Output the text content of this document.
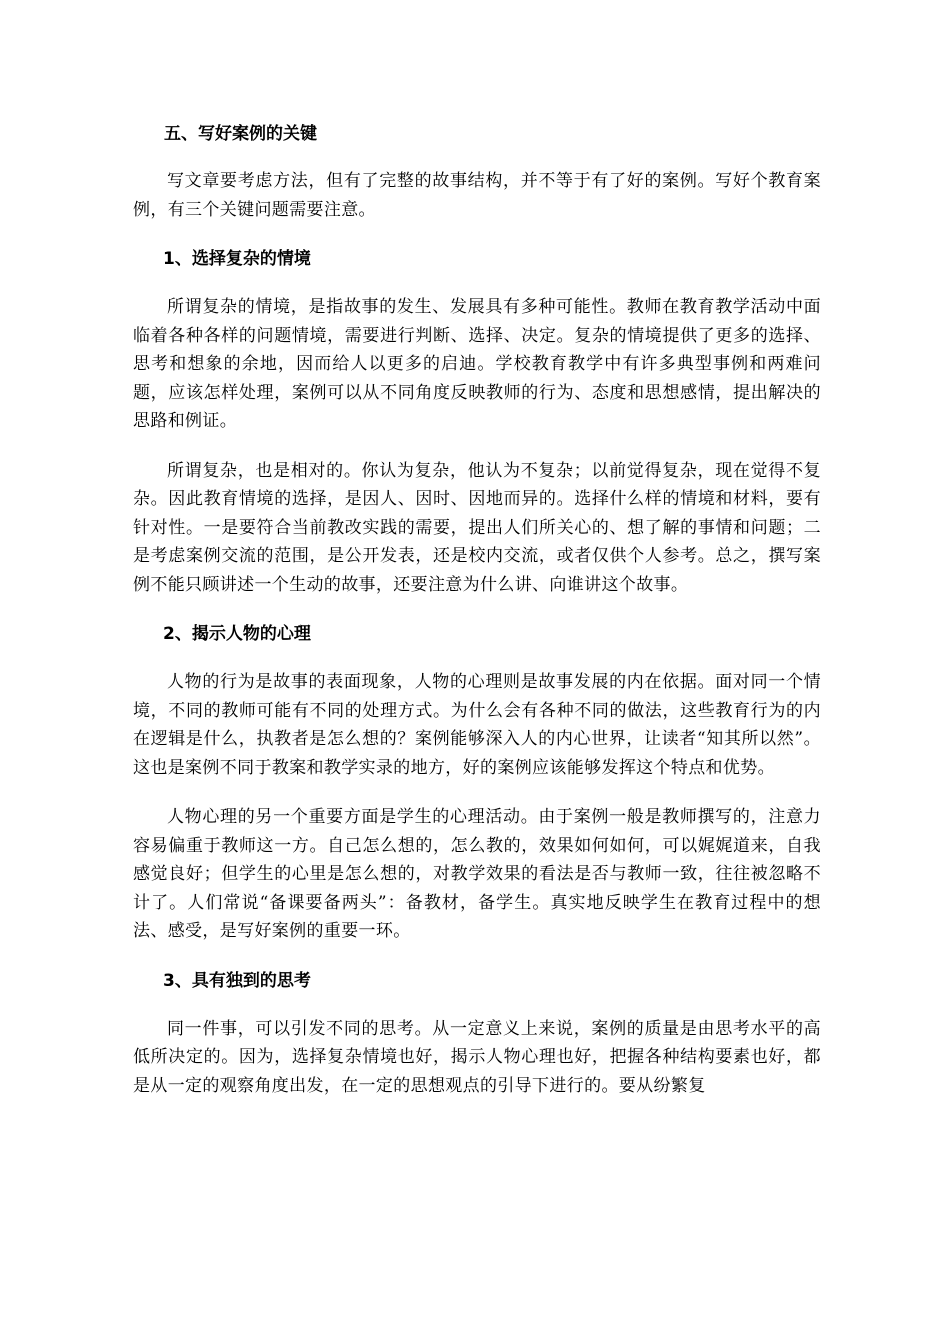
五、写好案例的关键

写文章要考虑方法，但有了完整的故事结构，并不等于有了好的案例。写好个教育案例，有三个关键问题需要注意。

1、选择复杂的情境

所谓复杂的情境，是指故事的发生、发展具有多种可能性。教师在教育教学活动中面临着各种各样的问题情境，需要进行判断、选择、决定。复杂的情境提供了更多的选择、思考和想象的余地，因而给人以更多的启迪。学校教育教学中有许多典型事例和两难问题，应该怎样处理，案例可以从不同角度反映教师的行为、态度和思想感情，提出解决的思路和例证。

所谓复杂，也是相对的。你认为复杂，他认为不复杂；以前觉得复杂，现在觉得不复杂。因此教育情境的选择，是因人、因时、因地而异的。选择什么样的情境和材料，要有针对性。一是要符合当前教改实践的需要，提出人们所关心的、想了解的事情和问题；二是考虑案例交流的范围，是公开发表，还是校内交流，或者仅供个人参考。总之，撰写案例不能只顾讲述一个生动的故事，还要注意为什么讲、向谁讲这个故事。

2、揭示人物的心理

人物的行为是故事的表面现象，人物的心理则是故事发展的内在依据。面对同一个情境，不同的教师可能有不同的处理方式。为什么会有各种不同的做法，这些教育行为的内在逻辑是什么，执教者是怎么想的？案例能够深入人的内心世界，让读者“知其所以然”。这也是案例不同于教案和教学实录的地方，好的案例应该能够发挥这个特点和优势。

人物心理的另一个重要方面是学生的心理活动。由于案例一般是教师撰写的，注意力容易偏重于教师这一方。自己怎么想的，怎么教的，效果如何如何，可以娓娓道来，自我感觉良好；但学生的心里是怎么想的，对教学效果的看法是否与教师一致，往往被忽略不计了。人们常说“备课要备两头”：备教材，备学生。真实地反映学生在教育过程中的想法、感受，是写好案例的重要一环。

3、具有独到的思考

同一件事，可以引发不同的思考。从一定意义上来说，案例的质量是由思考水平的高低所决定的。因为，选择复杂情境也好，揭示人物心理也好，把握各种结构要素也好，都是从一定的观察角度出发，在一定的思想观点的引导下进行的。要从纷繁复
